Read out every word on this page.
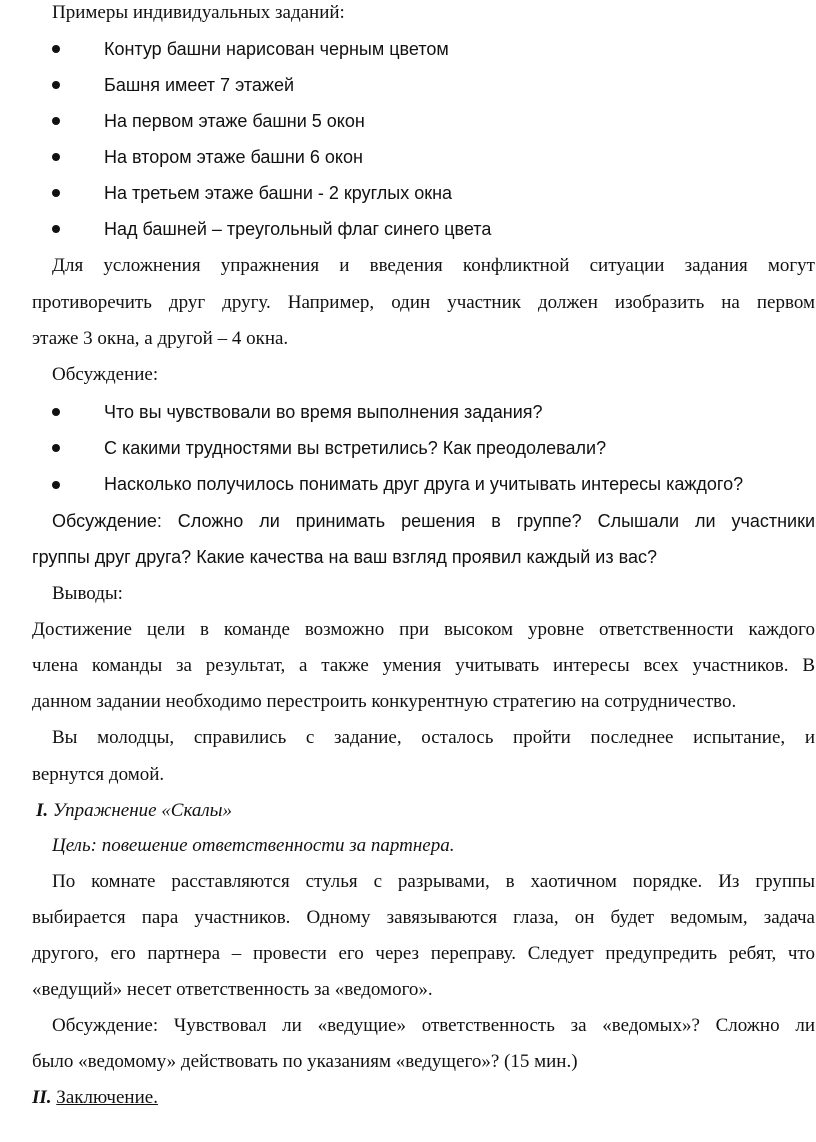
Примеры индивидуальных заданий:
Контур башни нарисован черным цветом
Башня имеет 7 этажей
На первом этаже башни 5 окон
На втором этаже башни 6 окон
На третьем этаже башни - 2 круглых окна
Над башней – треугольный флаг синего цвета
Для усложнения упражнения и введения конфликтной ситуации задания могут
противоречить друг другу. Например, один участник должен изобразить на первом
этаже 3 окна, а другой – 4 окна.
Обсуждение:
Что вы чувствовали во время выполнения задания?
С какими трудностями вы встретились? Как преодолевали?
Насколько получилось понимать друг друга и учитывать интересы каждого?
Обсуждение: Сложно ли принимать решения в группе? Слышали ли участники
группы друг друга? Какие качества на ваш взгляд проявил каждый из вас?
Выводы:
Достижение цели в команде возможно при высоком уровне ответственности каждого
члена команды за результат, а также умения учитывать интересы всех участников. В
данном задании необходимо перестроить конкурентную стратегию на сотрудничество.
Вы молодцы, справились с задание, осталось пройти последнее испытание, и
вернутся домой.
I. Упражнение «Скалы»
Цель: повешение ответственности за партнера.
По комнате расставляются стулья с разрывами, в хаотичном порядке. Из группы
выбирается пара участников. Одному завязываются глаза, он будет ведомым, задача
другого, его партнера – провести его через переправу. Следует предупредить ребят, что
«ведущий» несет ответственность за «ведомого».
Обсуждение: Чувствовал ли «ведущие» ответственность за «ведомых»? Сложно ли
было «ведомому» действовать по указаниям «ведущего»? (15 мин.)
II. Заключение.
